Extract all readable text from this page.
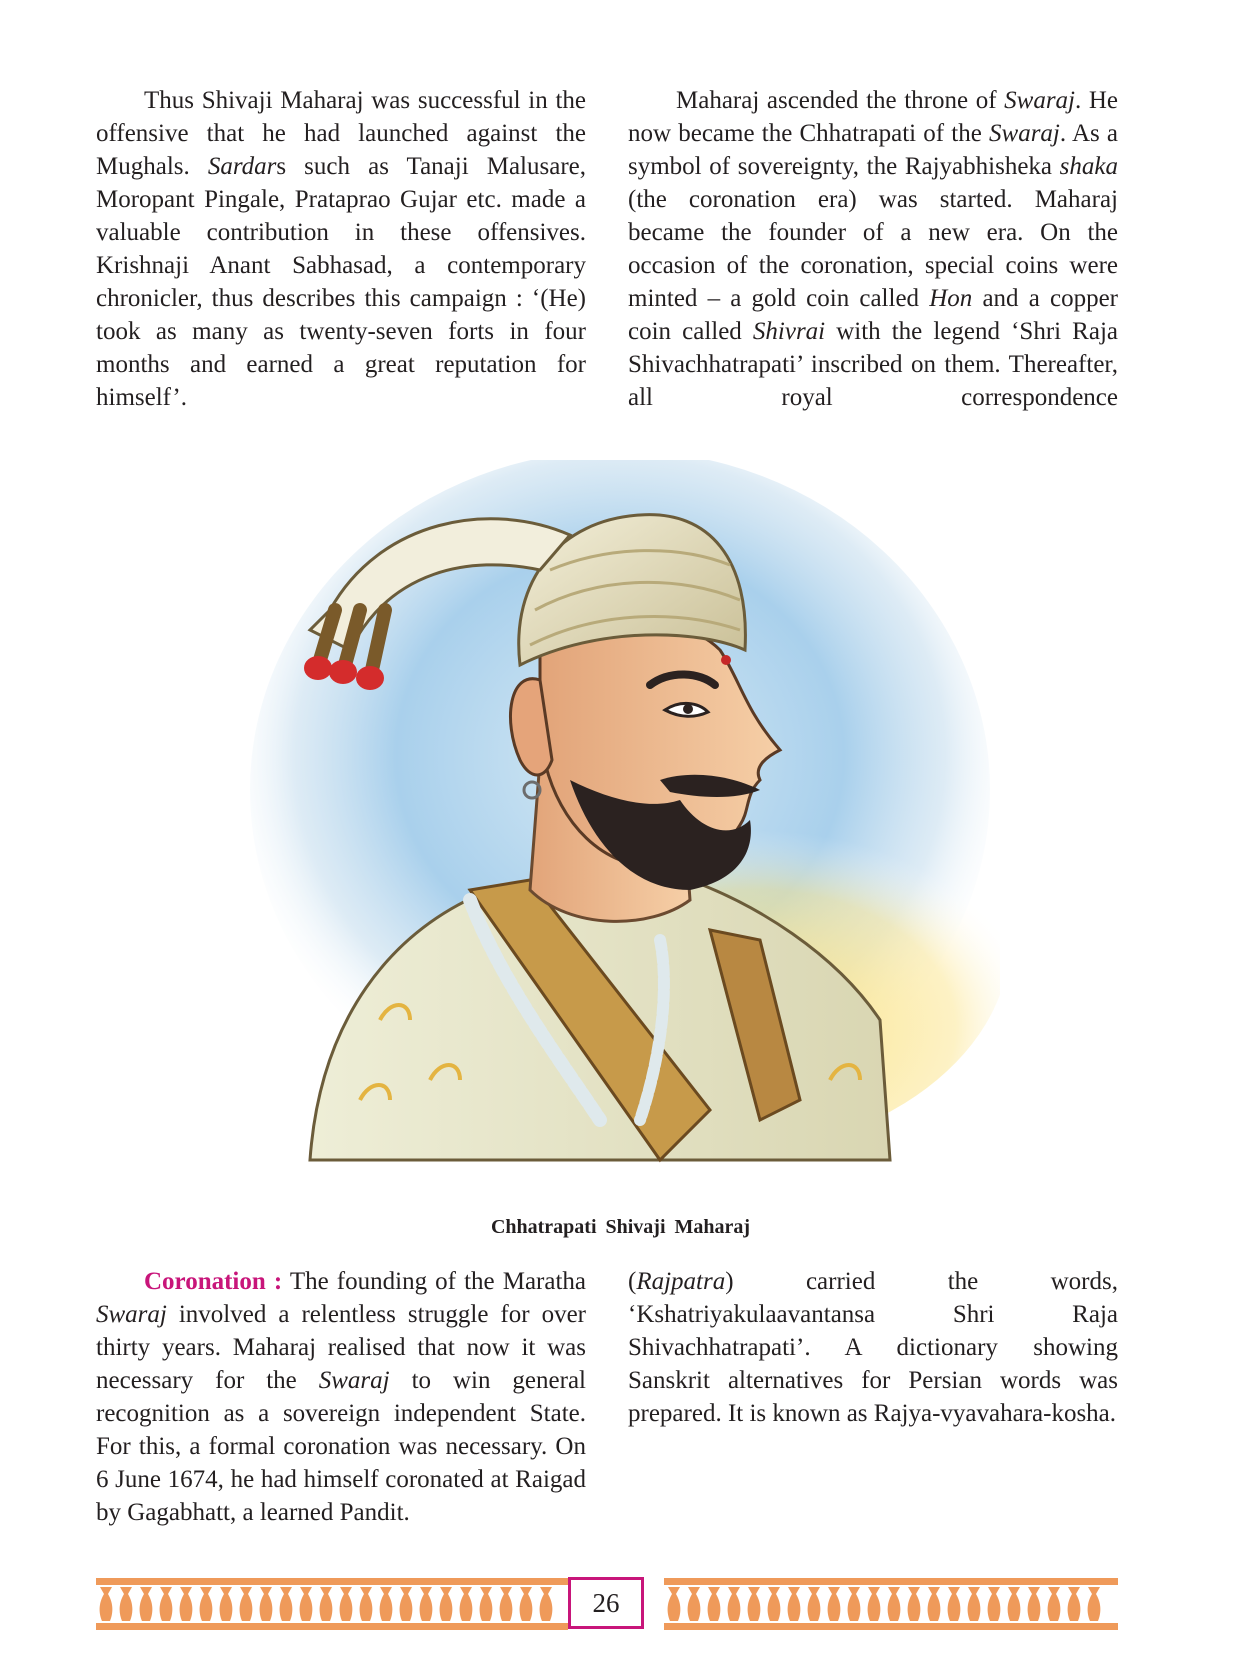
Thus Shivaji Maharaj was successful in the offensive that he had launched against the Mughals. Sardars such as Tanaji Malusare, Moropant Pingale, Prataprao Gujar etc. made a valuable contribution in these offensives. Krishnaji Anant Sabhasad, a contemporary chronicler, thus describes this campaign : ‘(He) took as many as twenty-seven forts in four months and earned a great reputation for himself’.

Maharaj ascended the throne of Swaraj. He now became the Chhatrapati of the Swaraj. As a symbol of sovereignty, the Rajyabhisheka shaka (the coronation era) was started. Maharaj became the founder of a new era. On the occasion of the coronation, special coins were minted – a gold coin called Hon and a copper coin called Shivrai with the legend ‘Shri Raja Shivachhatrapati’ inscribed on them. Thereafter, all royal correspondence

Chhatrapati Shivaji Maharaj

Coronation : The founding of the Maratha Swaraj involved a relentless struggle for over thirty years. Maharaj realised that now it was necessary for the Swaraj to win general recognition as a sovereign independent State. For this, a formal coronation was necessary. On 6 June 1674, he had himself coronated at Raigad by Gagabhatt, a learned Pandit.

(Rajpatra) carried the words, ‘Kshatriyakulaavantansa Shri Raja Shivachhatrapati’. A dictionary showing Sanskrit alternatives for Persian words was prepared. It is known as Rajya-vyavahara-kosha.

26
